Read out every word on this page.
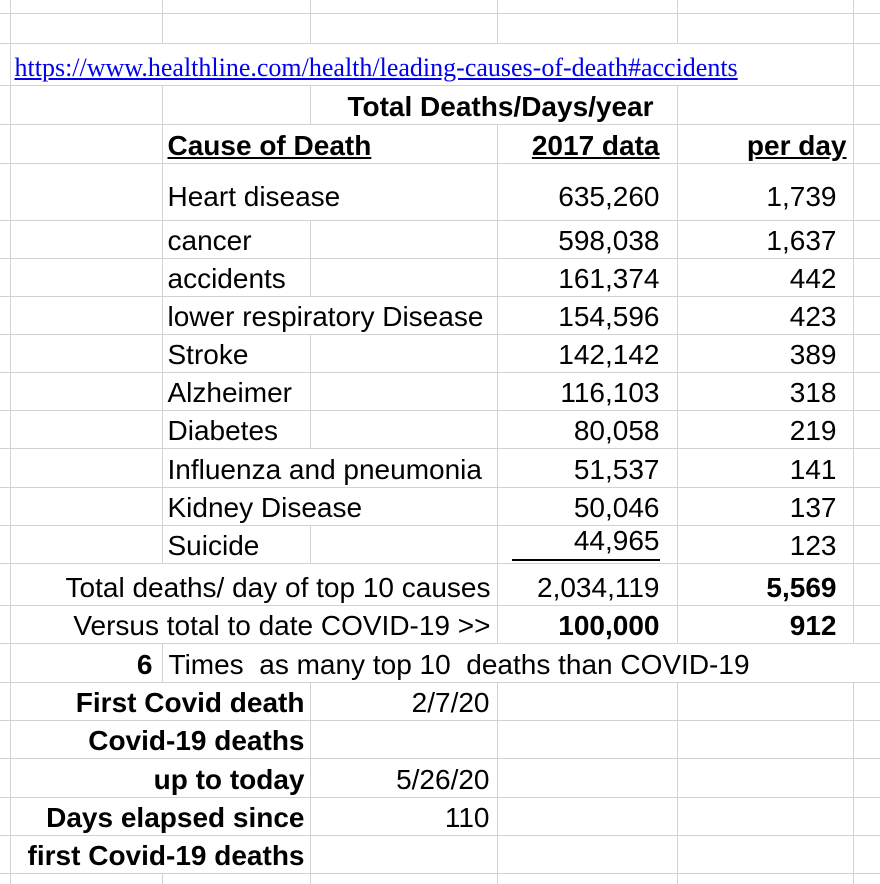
	https://www.healthline.com/health/leading-causes-of-death#accidents					
			Total Deaths/Days/year			
		Cause of Death		2017 data	per day	
		Heart disease		635,260	1,739	
		cancer		598,038	1,637	
		accidents		161,374	442	
		lower respiratory Disease		154,596	423	
		Stroke		142,142	389	
		Alzheimer		116,103	318	
		Diabetes		80,058	219	
		Influenza and pneumonia		51,537	141	
		Kidney Disease		50,046	137	
		Suicide		44,965	123	
	Total deaths/ day of top 10 causes			2,034,119	5,569	
	Versus total to date COVID-19 >>			100,000	912	
	6	Times  as many top 10  deaths than COVID-19				
	First Covid death		2/7/20			
	Covid-19 deaths					
	up to today		5/26/20			
	Days elapsed since		110			
	first Covid-19 deaths					
